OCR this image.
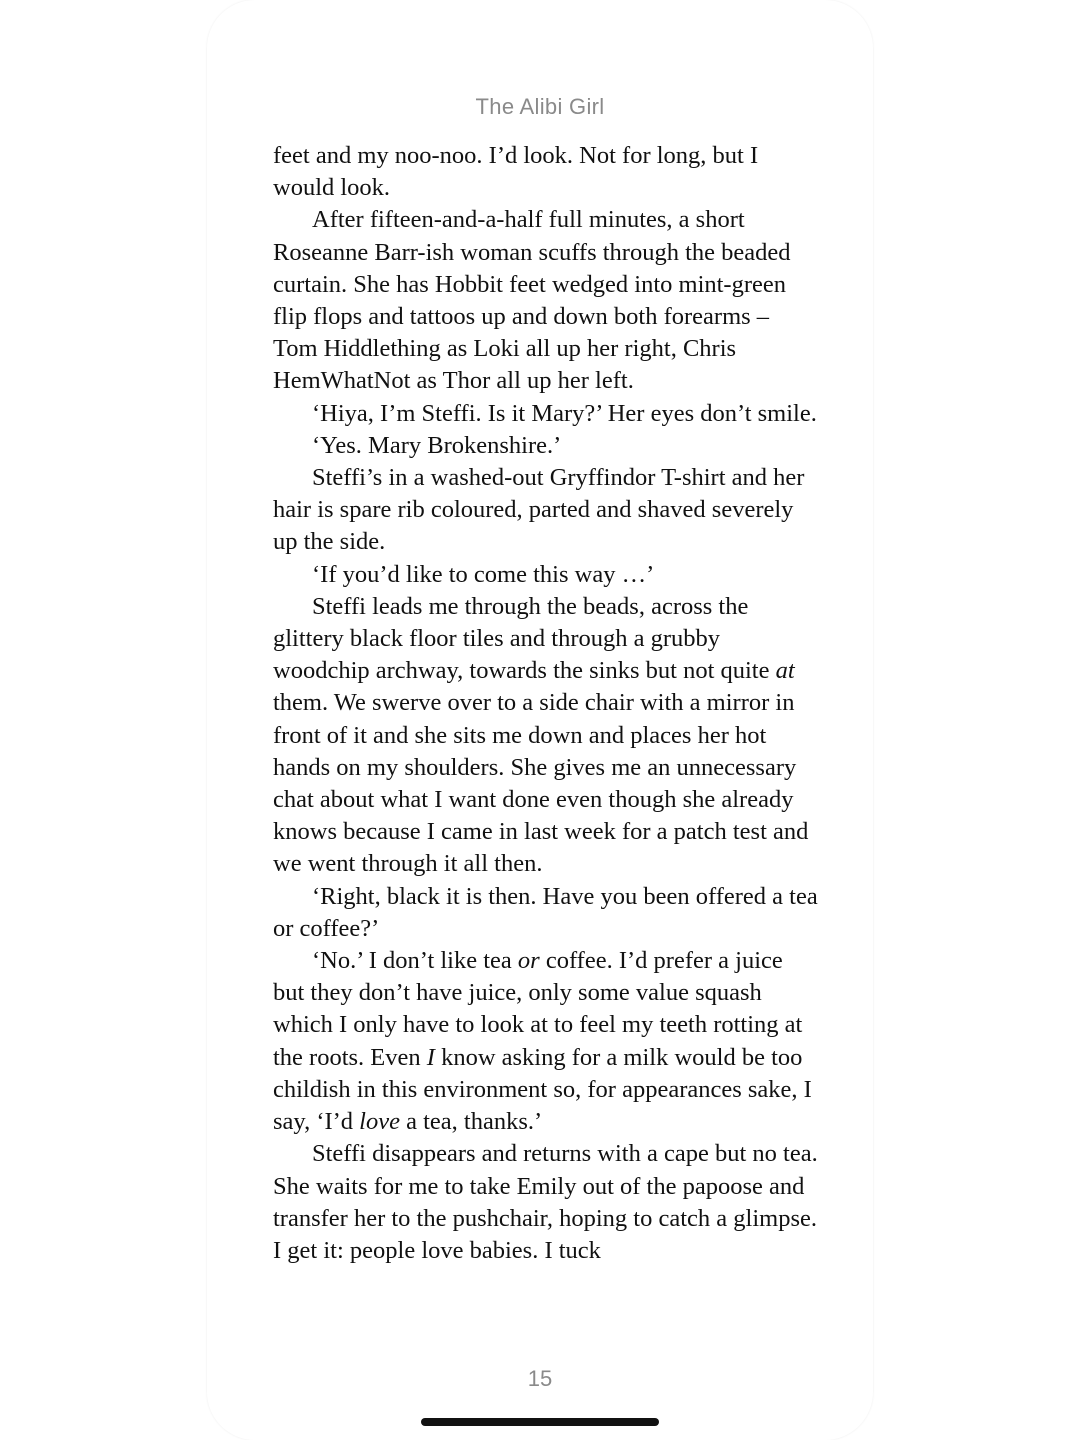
The Alibi Girl

feet and my noo-noo. I’d look. Not for long, but I would look.

After fifteen-and-a-half full minutes, a short Roseanne Barr-ish woman scuffs through the beaded curtain. She has Hobbit feet wedged into mint-green flip flops and tattoos up and down both forearms – Tom Hiddlething as Loki all up her right, Chris HemWhatNot as Thor all up her left.

‘Hiya, I’m Steffi. Is it Mary?’ Her eyes don’t smile.

‘Yes. Mary Brokenshire.’

Steffi’s in a washed-out Gryffindor T-shirt and her hair is spare rib coloured, parted and shaved severely up the side.

‘If you’d like to come this way …’

Steffi leads me through the beads, across the glittery black floor tiles and through a grubby woodchip archway, towards the sinks but not quite at them. We swerve over to a side chair with a mirror in front of it and she sits me down and places her hot hands on my shoulders. She gives me an unnecessary chat about what I want done even though she already knows because I came in last week for a patch test and we went through it all then.

‘Right, black it is then. Have you been offered a tea or coffee?’

‘No.’ I don’t like tea or coffee. I’d prefer a juice but they don’t have juice, only some value squash which I only have to look at to feel my teeth rotting at the roots. Even I know asking for a milk would be too childish in this environment so, for appearances sake, I say, ‘I’d love a tea, thanks.’

Steffi disappears and returns with a cape but no tea. She waits for me to take Emily out of the papoose and transfer her to the pushchair, hoping to catch a glimpse. I get it: people love babies. I tuck

15
